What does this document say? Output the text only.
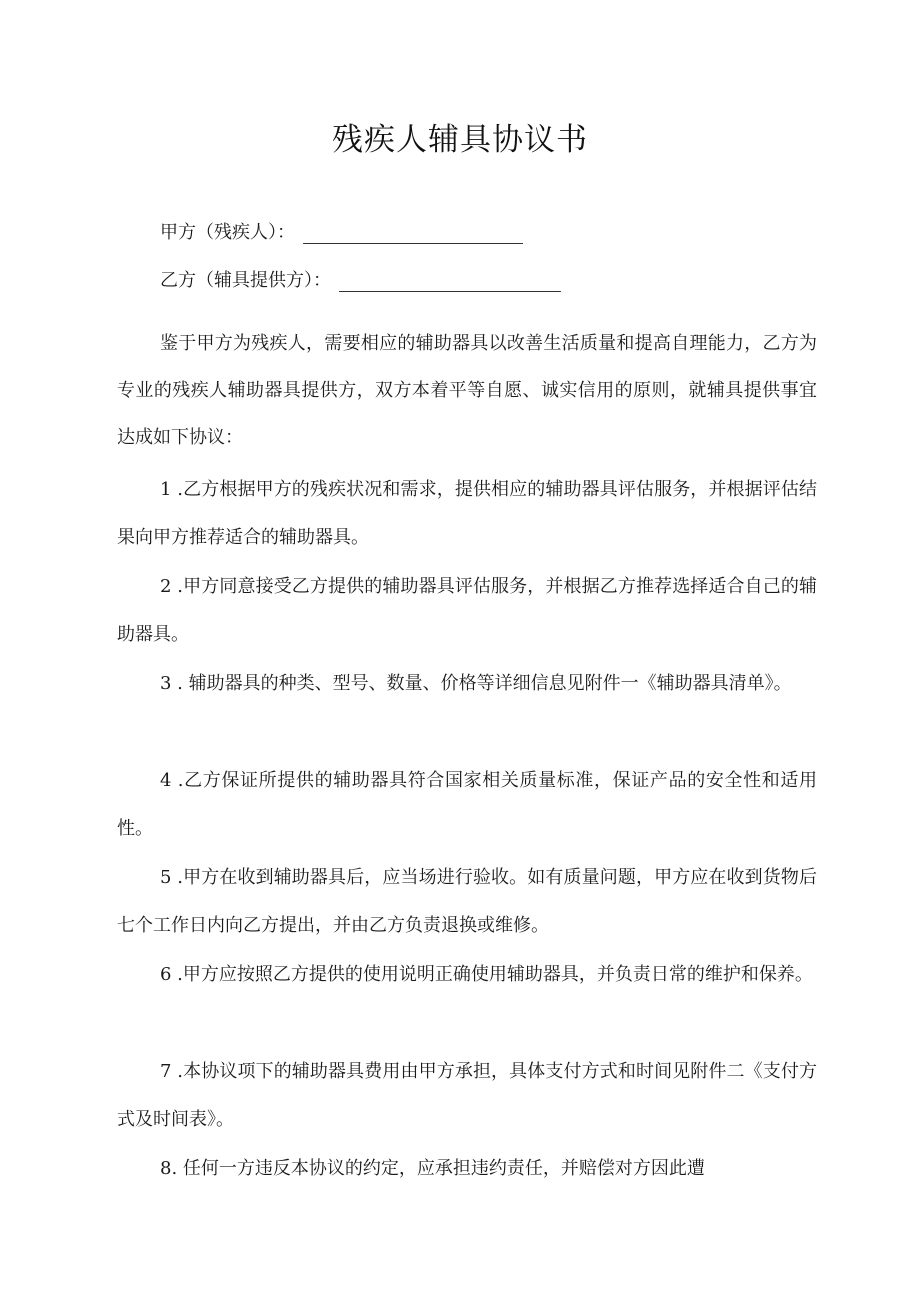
残疾人辅具协议书
甲方（残疾人）：
乙方（辅具提供方）：

鉴于甲方为残疾人，需要相应的辅助器具以改善生活质量和提高自理能力，乙方为专业的残疾人辅助器具提供方，双方本着平等自愿、诚实信用的原则，就辅具提供事宜达成如下协议：

1 .乙方根据甲方的残疾状况和需求，提供相应的辅助器具评估服务，并根据评估结果向甲方推荐适合的辅助器具。

2 .甲方同意接受乙方提供的辅助器具评估服务，并根据乙方推荐选择适合自己的辅助器具。

3 . 辅助器具的种类、型号、数量、价格等详细信息见附件一《辅助器具清单》。

4 .乙方保证所提供的辅助器具符合国家相关质量标准，保证产品的安全性和适用性。

5 .甲方在收到辅助器具后，应当场进行验收。如有质量问题，甲方应在收到货物后七个工作日内向乙方提出，并由乙方负责退换或维修。

6 .甲方应按照乙方提供的使用说明正确使用辅助器具，并负责日常的维护和保养。

7 .本协议项下的辅助器具费用由甲方承担，具体支付方式和时间见附件二《支付方式及时间表》。

8. 任何一方违反本协议的约定，应承担违约责任，并赔偿对方因此遭
